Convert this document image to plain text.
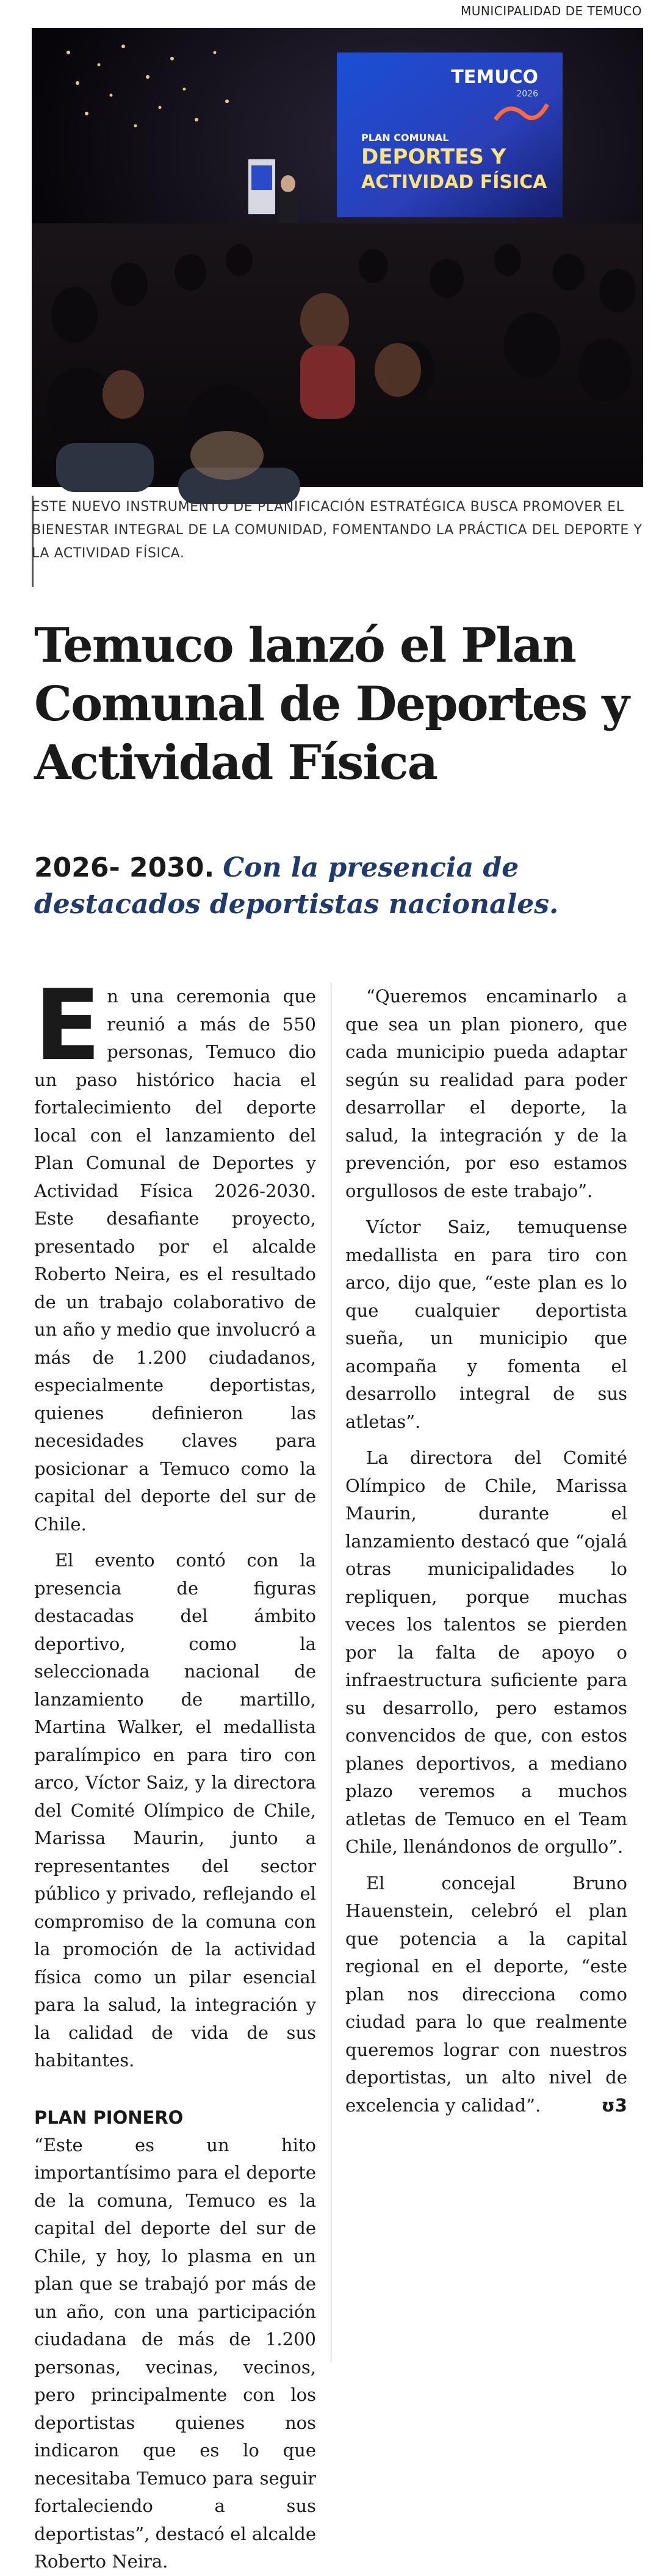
MUNICIPALIDAD DE TEMUCO
TEMUCO
2026
PLAN COMUNAL
DEPORTES Y
ACTIVIDAD FÍSICA
ESTE NUEVO INSTRUMENTO DE PLANIFICACIÓN ESTRATÉGICA BUSCA PROMOVER EL BIENESTAR INTEGRAL DE LA COMUNIDAD, FOMENTANDO LA PRÁCTICA DEL DEPORTE Y LA ACTIVIDAD FÍSICA.
Temuco lanzó el Plan Comunal de Deportes y Actividad Física
2026- 2030. Con la presencia de destacados deportistas nacionales.

En una ceremonia que reunió a más de 550 personas, Temuco dio un paso histórico hacia el fortalecimiento del deporte local con el lanzamiento del Plan Comunal de Deportes y Actividad Física 2026-2030. Este desafiante proyecto, presentado por el alcalde Roberto Neira, es el resultado de un trabajo colaborativo de un año y medio que involucró a más de 1.200 ciudadanos, especialmente deportistas, quienes definieron las necesidades claves para posicionar a Temuco como la capital del deporte del sur de Chile.

El evento contó con la presencia de figuras destacadas del ámbito deportivo, como la seleccionada nacional de lanzamiento de martillo, Martina Walker, el medallista paralímpico en para tiro con arco, Víctor Saiz, y la directora del Comité Olímpico de Chile, Marissa Maurin, junto a representantes del sector público y privado, reflejando el compromiso de la comuna con la promoción de la actividad física como un pilar esencial para la salud, la integración y la calidad de vida de sus habitantes.

PLAN PIONERO

“Este es un hito importantísimo para el deporte de la comuna, Temuco es la capital del deporte del sur de Chile, y hoy, lo plasma en un plan que se trabajó por más de un año, con una participación ciudadana de más de 1.200 personas, vecinas, vecinos, pero principalmente con los deportistas quienes nos indicaron que es lo que necesitaba Temuco para seguir fortaleciendo a sus deportistas”, destacó el alcalde Roberto Neira.

“Queremos encaminarlo a que sea un plan pionero, que cada municipio pueda adaptar según su realidad para poder desarrollar el deporte, la salud, la integración y de la prevención, por eso estamos orgullosos de este trabajo”.

Víctor Saiz, temuquense medallista en para tiro con arco, dijo que, “este plan es lo que cualquier deportista sueña, un municipio que acompaña y fomenta el desarrollo integral de sus atletas”.

La directora del Comité Olímpico de Chile, Marissa Maurin, durante el lanzamiento destacó que “ojalá otras municipalidades lo repliquen, porque muchas veces los talentos se pierden por la falta de apoyo o infraestructura suficiente para su desarrollo, pero estamos convencidos de que, con estos planes deportivos, a mediano plazo veremos a muchos atletas de Temuco en el Team Chile, llenándonos de orgullo”.

El concejal Bruno Hauenstein, celebró el plan que potencia a la capital regional en el deporte, “este plan nos direcciona como ciudad para lo que realmente queremos lograr con nuestros deportistas, un alto nivel de excelencia y calidad”.	ʊ3
